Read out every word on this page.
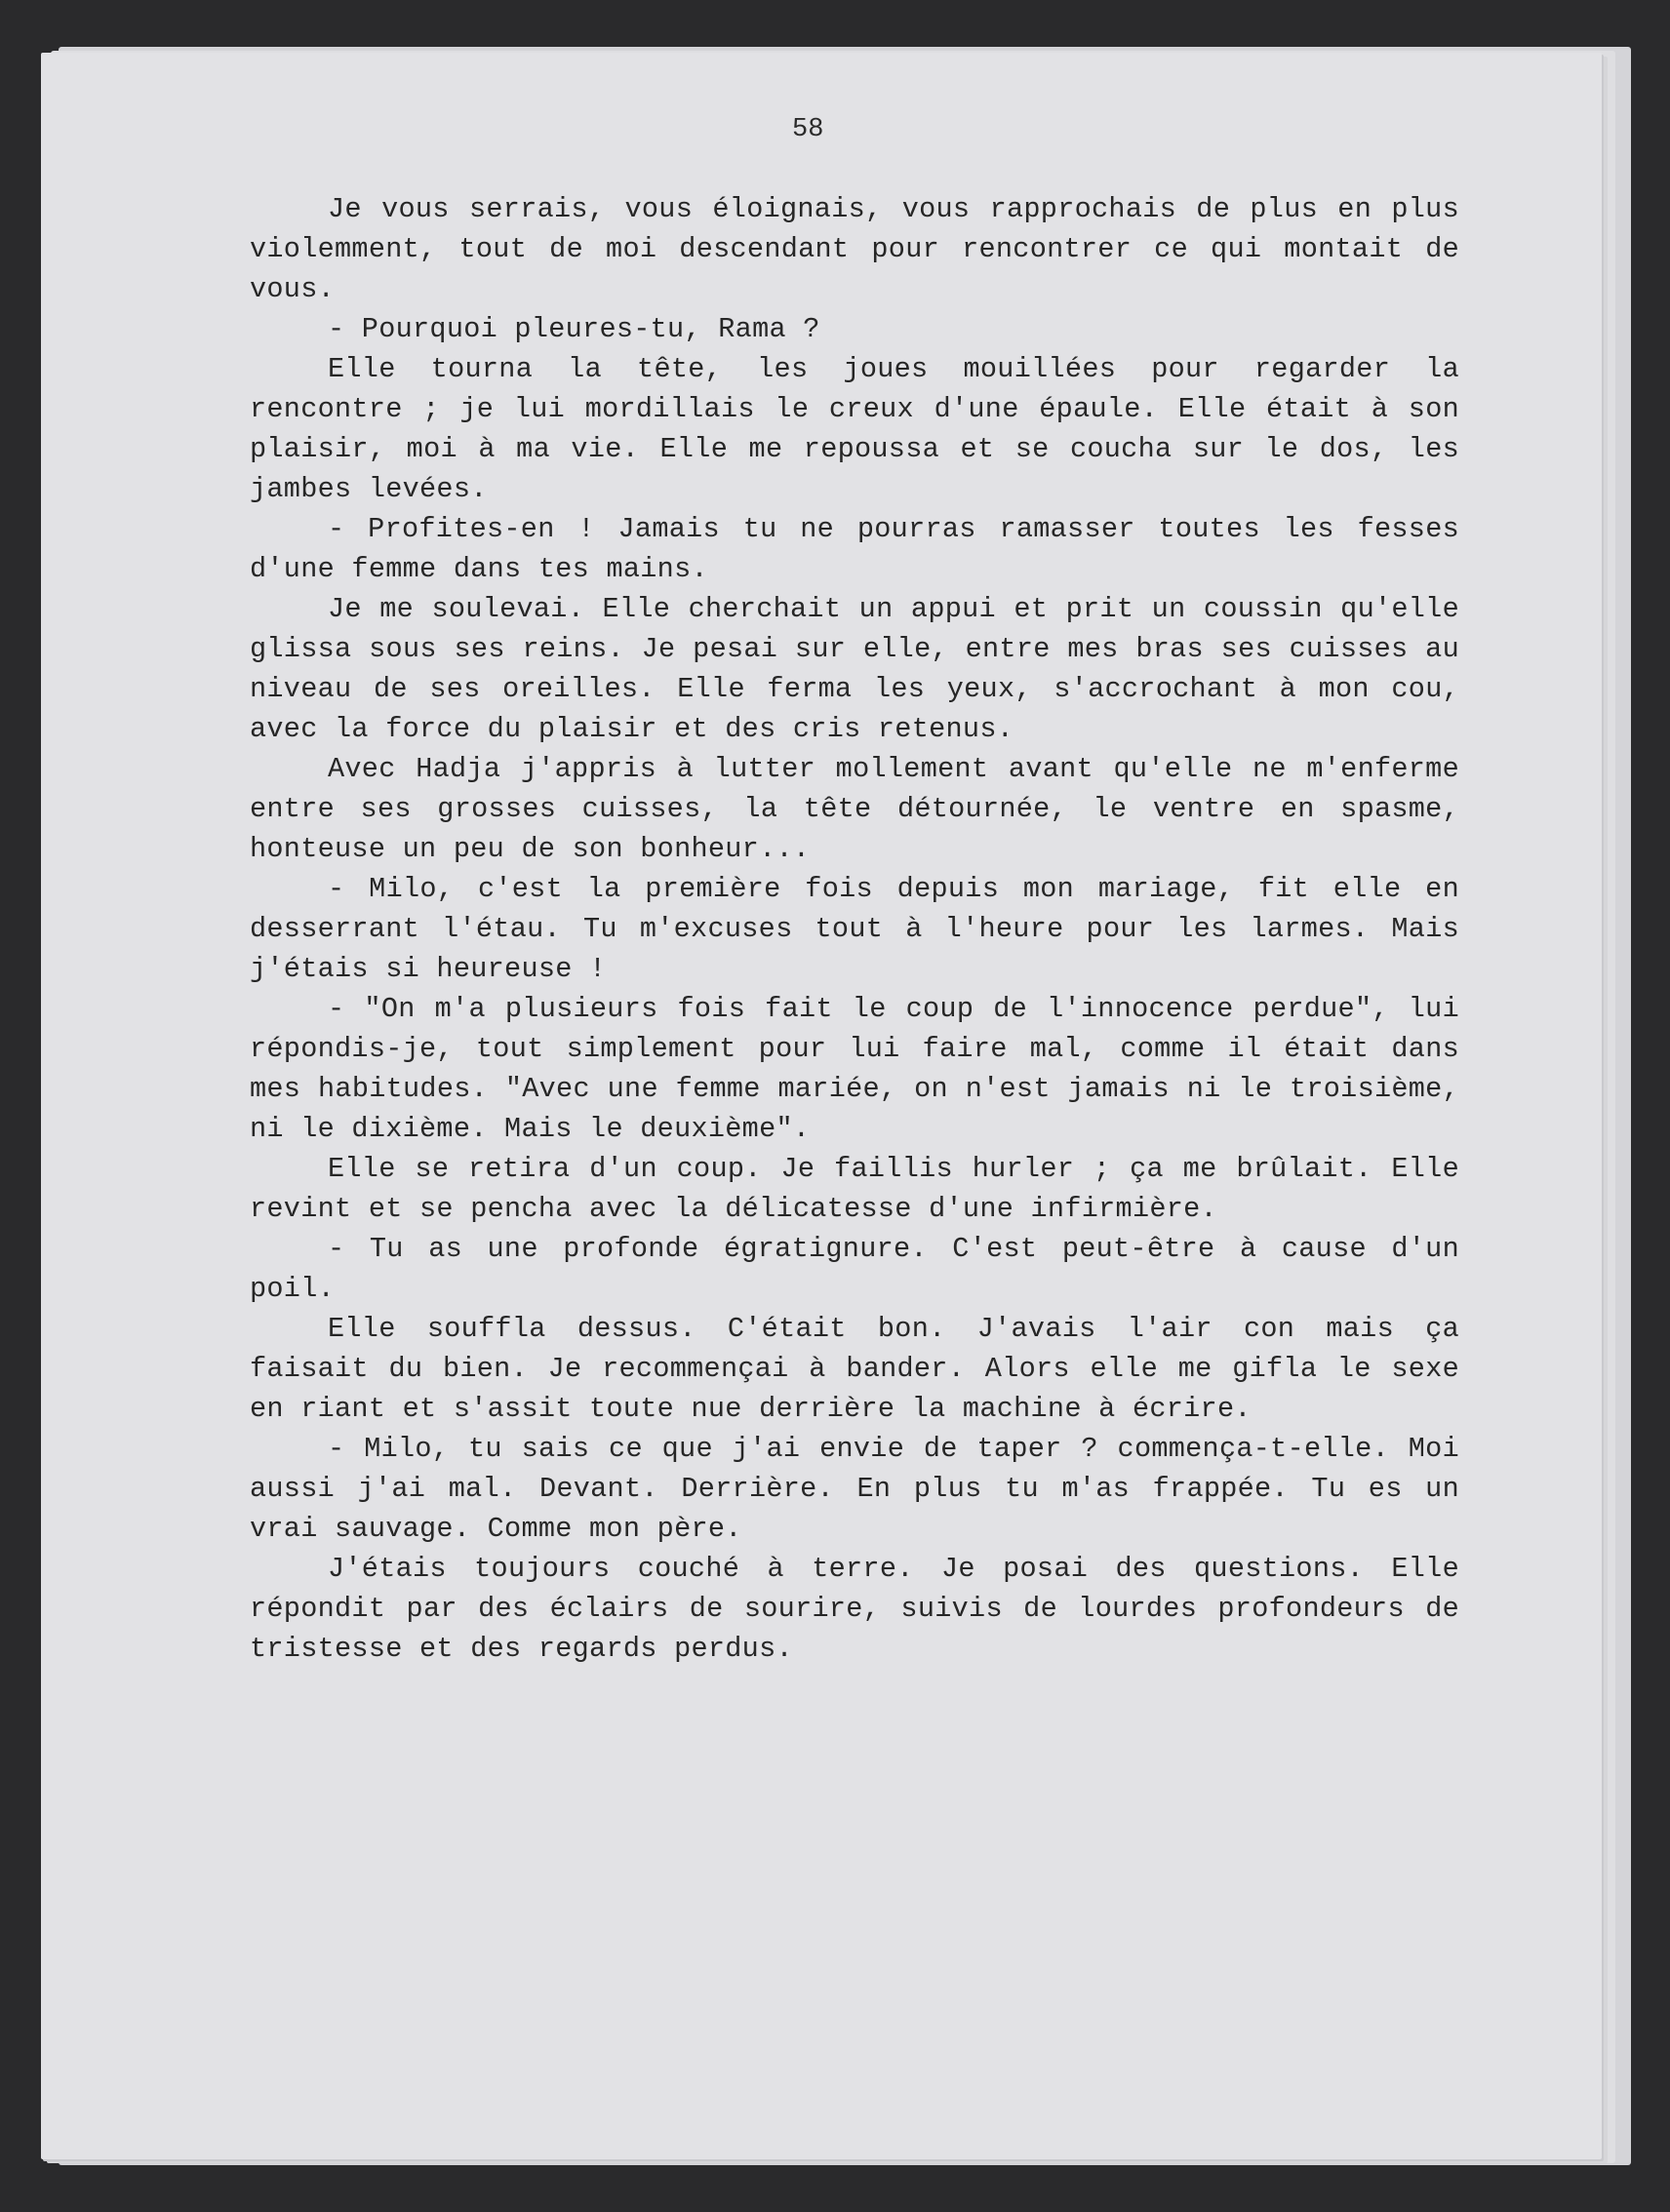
58

Je vous serrais, vous éloignais, vous rapprochais de plus en plus violemment, tout de moi descendant pour rencontrer ce qui montait de vous.

- Pourquoi pleures-tu, Rama ?

Elle tourna la tête, les joues mouillées pour regarder la rencontre ; je lui mordillais le creux d'une épaule. Elle était à son plaisir, moi à ma vie. Elle me repoussa et se coucha sur le dos, les jambes levées.

- Profites-en ! Jamais tu ne pourras ramasser toutes les fesses d'une femme dans tes mains.

Je me soulevai. Elle cherchait un appui et prit un coussin qu'elle glissa sous ses reins. Je pesai sur elle, entre mes bras ses cuisses au niveau de ses oreilles. Elle ferma les yeux, s'accrochant à mon cou, avec la force du plaisir et des cris retenus.

Avec Hadja j'appris à lutter mollement avant qu'elle ne m'enferme entre ses grosses cuisses, la tête détournée, le ventre en spasme, honteuse un peu de son bonheur...

- Milo, c'est la première fois depuis mon mariage, fit elle en desserrant l'étau. Tu m'excuses tout à l'heure pour les larmes. Mais j'étais si heureuse !

- "On m'a plusieurs fois fait le coup de l'innocence perdue", lui répondis-je, tout simplement pour lui faire mal, comme il était dans mes habitudes. "Avec une femme mariée, on n'est jamais ni le troisième, ni le dixième. Mais le deuxième".

Elle se retira d'un coup. Je faillis hurler ; ça me brûlait. Elle revint et se pencha avec la délicatesse d'une infirmière.

- Tu as une profonde égratignure. C'est peut-être à cause d'un poil.

Elle souffla dessus. C'était bon. J'avais l'air con mais ça faisait du bien. Je recommençai à bander. Alors elle me gifla le sexe en riant et s'assit toute nue derrière la machine à écrire.

- Milo, tu sais ce que j'ai envie de taper ? commença-t-elle. Moi aussi j'ai mal. Devant. Derrière. En plus tu m'as frappée. Tu es un vrai sauvage. Comme mon père.

J'étais toujours couché à terre. Je posai des questions. Elle répondit par des éclairs de sourire, suivis de lourdes profondeurs de tristesse et des regards perdus.
